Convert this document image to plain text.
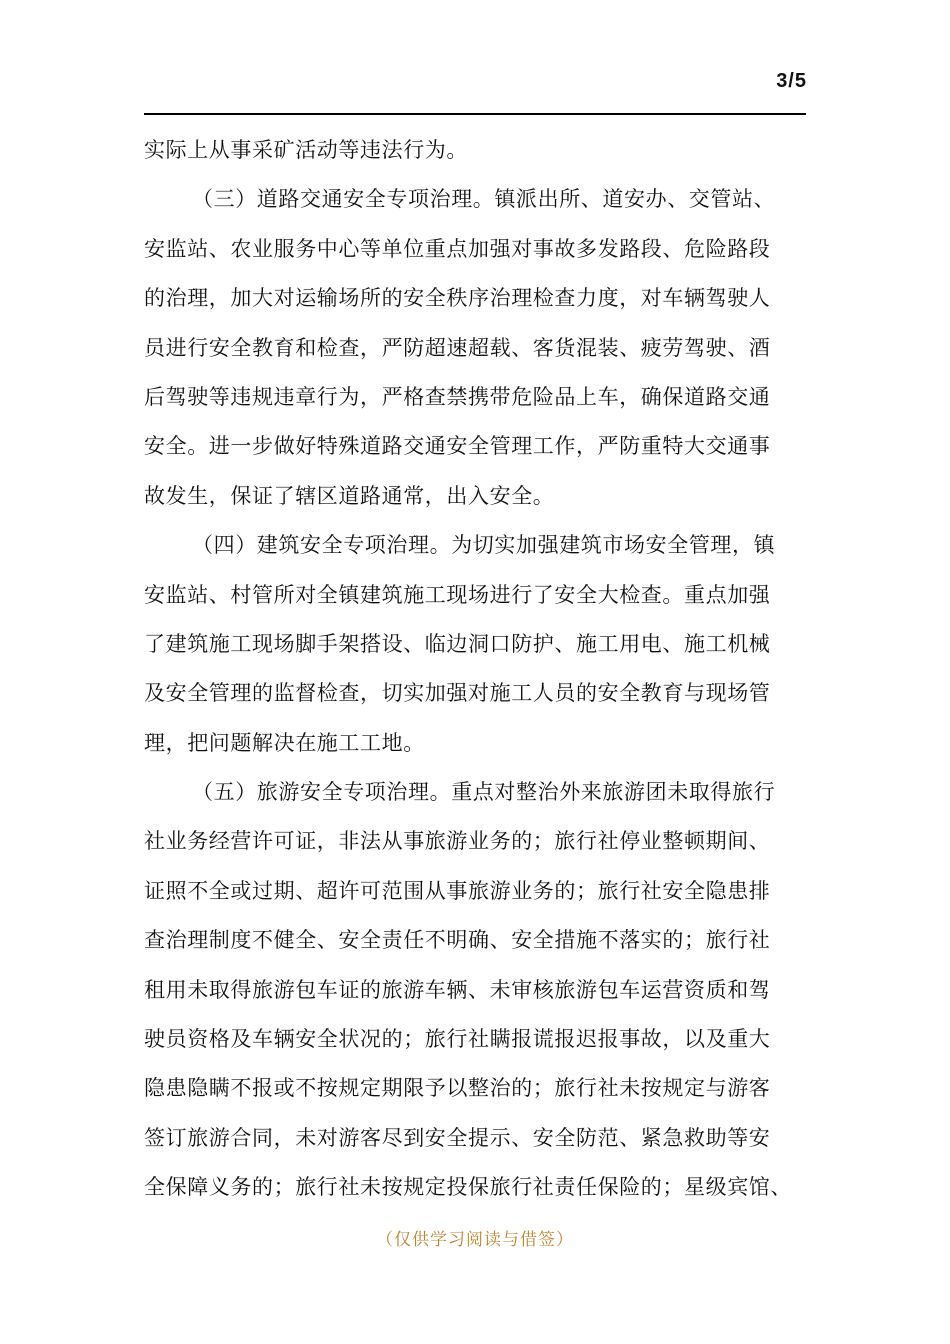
3/5
实际上从事采矿活动等违法行为。
（三）道路交通安全专项治理。镇派出所、道安办、交管站、
安监站、农业服务中心等单位重点加强对事故多发路段、危险路段
的治理，加大对运输场所的安全秩序治理检查力度，对车辆驾驶人
员进行安全教育和检查，严防超速超载、客货混装、疲劳驾驶、酒
后驾驶等违规违章行为，严格查禁携带危险品上车，确保道路交通
安全。进一步做好特殊道路交通安全管理工作，严防重特大交通事
故发生，保证了辖区道路通常，出入安全。
（四）建筑安全专项治理。为切实加强建筑市场安全管理，镇
安监站、村管所对全镇建筑施工现场进行了安全大检查。重点加强
了建筑施工现场脚手架搭设、临边洞口防护、施工用电、施工机械
及安全管理的监督检查，切实加强对施工人员的安全教育与现场管
理，把问题解决在施工工地。
（五）旅游安全专项治理。重点对整治外来旅游团未取得旅行
社业务经营许可证，非法从事旅游业务的；旅行社停业整顿期间、
证照不全或过期、超许可范围从事旅游业务的；旅行社安全隐患排
查治理制度不健全、安全责任不明确、安全措施不落实的；旅行社
租用未取得旅游包车证的旅游车辆、未审核旅游包车运营资质和驾
驶员资格及车辆安全状况的；旅行社瞒报谎报迟报事故，以及重大
隐患隐瞒不报或不按规定期限予以整治的；旅行社未按规定与游客
签订旅游合同，未对游客尽到安全提示、安全防范、紧急救助等安
全保障义务的；旅行社未按规定投保旅行社责任保险的；星级宾馆、
（仅供学习阅读与借签）
